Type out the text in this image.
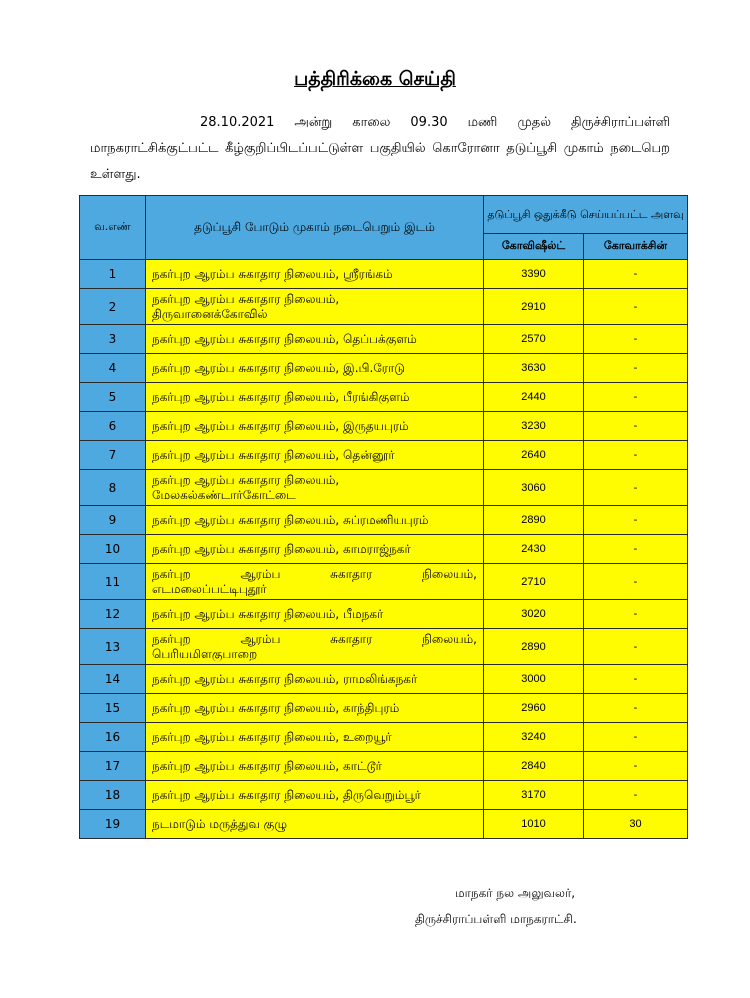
பத்திரிக்கை செய்தி
28.10.2021 அன்று காலை 09.30 மணி முதல் திருச்சிராப்பள்ளி
மாநகராட்சிக்குட்பட்ட கீழ்குறிப்பிடப்பட்டுள்ள பகுதியில் கொரோனா தடுப்பூசி முகாம் நடைபெற உள்ளது.
வ.எண்	தடுப்பூசி போடும் முகாம் நடைபெறும் இடம்	தடுப்பூசி ஒதுக்கீடு செய்யப்பட்ட அளவு	
		கோவிஷீல்ட்	கோவாக்சின்
1	நகர்புற ஆரம்ப சுகாதார நிலையம், ஸ்ரீரங்கம்	3390	-
2	நகர்புற ஆரம்ப சுகாதார நிலையம்,
திருவானைக்கோவில்	2910	-
3	நகர்புற ஆரம்ப சுகாதார நிலையம், தெப்பக்குளம்	2570	-
4	நகர்புற ஆரம்ப சுகாதார நிலையம், இ.பி.ரோடு	3630	-
5	நகர்புற ஆரம்ப சுகாதார நிலையம், பீரங்கிகுளம்	2440	-
6	நகர்புற ஆரம்ப சுகாதார நிலையம், இருதயபுரம்	3230	-
7	நகர்புற ஆரம்ப சுகாதார நிலையம், தென்னூர்	2640	-
8	நகர்புற ஆரம்ப சுகாதார நிலையம்,
மேலகல்கண்டார்கோட்டை	3060	-
9	நகர்புற ஆரம்ப சுகாதார நிலையம், சுப்ரமணியபுரம்	2890	-
10	நகர்புற ஆரம்ப சுகாதார நிலையம், காமராஜ்நகர்	2430	-
11	நகர்புற ஆரம்ப சுகாதார நிலையம்,
எடமலைப்பட்டிபுதூர்	2710	-
12	நகர்புற ஆரம்ப சுகாதார நிலையம், பீமநகர்	3020	-
13	நகர்புற ஆரம்ப சுகாதார நிலையம்,
பெரியமிளகுபாறை	2890	-
14	நகர்புற ஆரம்ப சுகாதார நிலையம், ராமலிங்கநகர்	3000	-
15	நகர்புற ஆரம்ப சுகாதார நிலையம், காந்திபுரம்	2960	-
16	நகர்புற ஆரம்ப சுகாதார நிலையம், உறையூர்	3240	-
17	நகர்புற ஆரம்ப சுகாதார நிலையம், காட்டூர்	2840	-
18	நகர்புற ஆரம்ப சுகாதார நிலையம், திருவெறும்பூர்	3170	-
19	நடமாடும் மருத்துவ குழு	1010	30
மாநகர் நல அலுவலர்,
திருச்சிராப்பள்ளி மாநகராட்சி.
